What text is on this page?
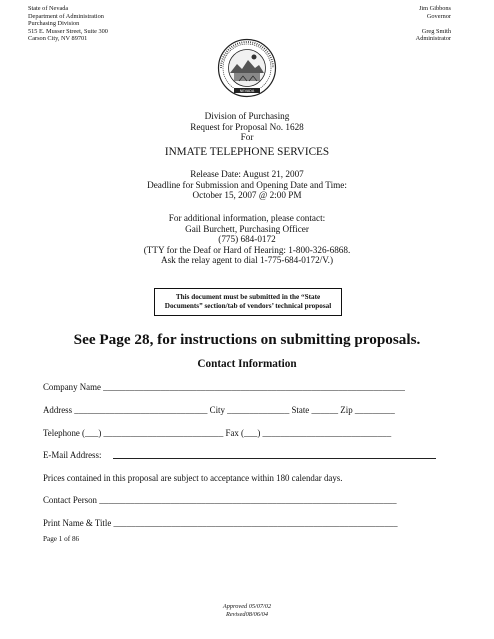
State of Nevada
Department of Administration
Purchasing Division
515 E. Musser Street, Suite 300
Carson City, NV 89701
Jim Gibbons
Governor
Greg Smith
Administrator
NEVADA
Division of Purchasing
Request for Proposal No. 1628
For
INMATE TELEPHONE SERVICES
Release Date: August 21, 2007
Deadline for Submission and Opening Date and Time:
October 15, 2007 @ 2:00 PM
For additional information, please contact:
Gail Burchett, Purchasing Officer
(775) 684-0172
(TTY for the Deaf or Hard of Hearing: 1-800-326-6868.
Ask the relay agent to dial 1-775-684-0172/V.)
This document must be submitted in the “State
Documents” section/tab of vendors’ technical proposal
See Page 28, for instructions on submitting proposals.
Contact Information
Company Name ____________________________________________________________________
Address ______________________________ City ______________ State ______ Zip _________
Telephone (___) ___________________________ Fax (___) _____________________________
E-Mail Address:
Prices contained in this proposal are subject to acceptance within 180 calendar days.
Contact Person ___________________________________________________________________
Print Name & Title ________________________________________________________________
Page 1 of 86
Approved 05/07/02
Revised08/06/04
